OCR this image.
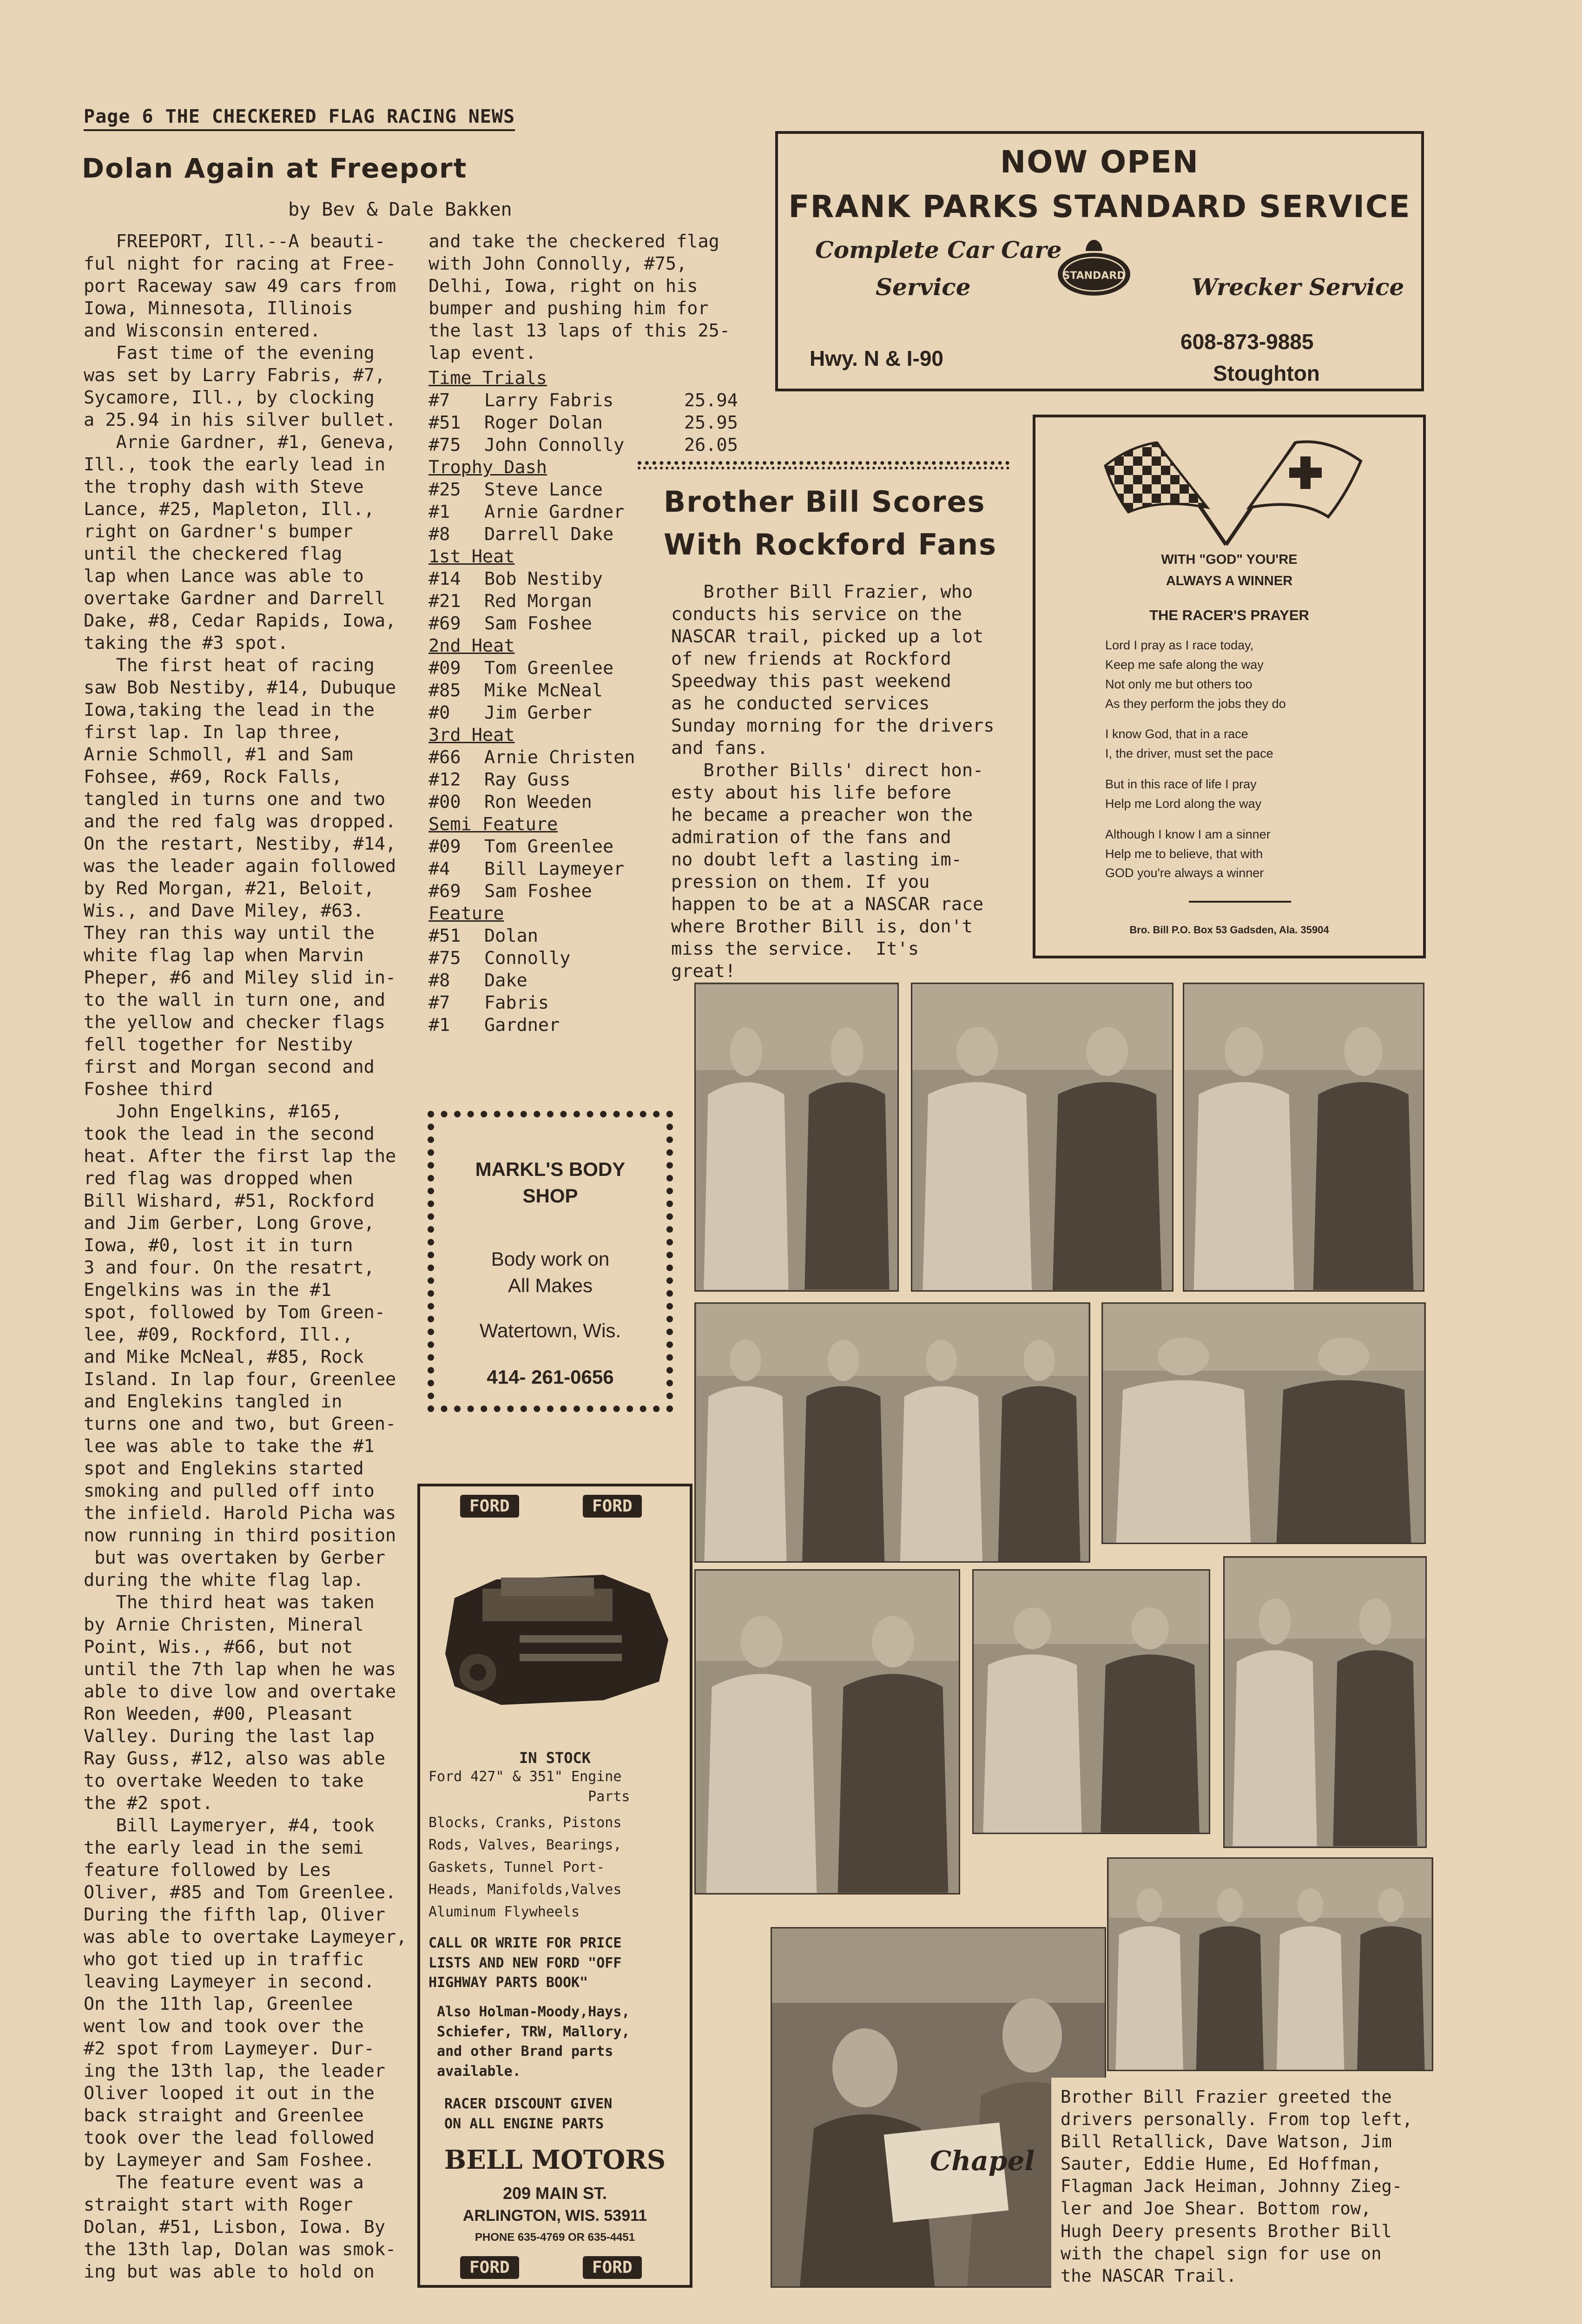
Page 6 THE CHECKERED FLAG RACING NEWS
Dolan Again at Freeport
by Bev & Dale Bakken
FREEPORT, Ill.--A beauti-
ful night for racing at Free-
port Raceway saw 49 cars from
Iowa, Minnesota, Illinois
and Wisconsin entered.
Fast time of the evening
was set by Larry Fabris, #7,
Sycamore, Ill., by clocking
a 25.94 in his silver bullet.
Arnie Gardner, #1, Geneva,
Ill., took the early lead in
the trophy dash with Steve
Lance, #25, Mapleton, Ill.,
right on Gardner's bumper
until the checkered flag
lap when Lance was able to
overtake Gardner and Darrell
Dake, #8, Cedar Rapids, Iowa,
taking the #3 spot.
The first heat of racing
saw Bob Nestiby, #14, Dubuque
Iowa,taking the lead in the
first lap. In lap three,
Arnie Schmoll, #1 and Sam
Fohsee, #69, Rock Falls,
tangled in turns one and two
and the red falg was dropped.
On the restart, Nestiby, #14,
was the leader again followed
by Red Morgan, #21, Beloit,
Wis., and Dave Miley, #63.
They ran this way until the
white flag lap when Marvin
Pheper, #6 and Miley slid in-
to the wall in turn one, and
the yellow and checker flags
fell together for Nestiby
first and Morgan second and
Foshee third
John Engelkins, #165,
took the lead in the second
heat. After the first lap the
red flag was dropped when
Bill Wishard, #51, Rockford
and Jim Gerber, Long Grove,
Iowa, #0, lost it in turn
3 and four. On the resatrt,
Engelkins was in the #1
spot, followed by Tom Green-
lee, #09, Rockford, Ill.,
and Mike McNeal, #85, Rock
Island. In lap four, Greenlee
and Englekins tangled in
turns one and two, but Green-
lee was able to take the #1
spot and Englekins started
smoking and pulled off into
the infield. Harold Picha was
now running in third position
but was overtaken by Gerber
during the white flag lap.
The third heat was taken
by Arnie Christen, Mineral
Point, Wis., #66, but not
until the 7th lap when he was
able to dive low and overtake
Ron Weeden, #00, Pleasant
Valley. During the last lap
Ray Guss, #12, also was able
to overtake Weeden to take
the #2 spot.
Bill Laymeryer, #4, took
the early lead in the semi
feature followed by Les
Oliver, #85 and Tom Greenlee.
During the fifth lap, Oliver
was able to overtake Laymeyer,
who got tied up in traffic
leaving Laymeyer in second.
On the 11th lap, Greenlee
went low and took over the
#2 spot from Laymeyer. Dur-
ing the 13th lap, the leader
Oliver looped it out in the
back straight and Greenlee
took over the lead followed
by Laymeyer and Sam Foshee.
The feature event was a
straight start with Roger
Dolan, #51, Lisbon, Iowa. By
the 13th lap, Dolan was smok-
ing but was able to hold on
and take the checkered flag
with John Connolly, #75,
Delhi, Iowa, right on his
bumper and pushing him for
the last 13 laps of this 25-
lap event.
Time Trials
#7 Larry Fabris	25.94
#51 Roger Dolan	25.95
#75 John Connolly	26.05
Trophy Dash
#25 Steve Lance
#1 Arnie Gardner
#8 Darrell Dake
1st Heat
#14 Bob Nestiby
#21 Red Morgan
#69 Sam Foshee
2nd Heat
#09 Tom Greenlee
#85 Mike McNeal
#0 Jim Gerber
3rd Heat
#66 Arnie Christen
#12 Ray Guss
#00 Ron Weeden
Semi Feature
#09 Tom Greenlee
#4 Bill Laymeyer
#69 Sam Foshee
Feature
#51 Dolan
#75 Connolly
#8 Dake
#7 Fabris
#1 Gardner
NOW OPEN
FRANK PARKS STANDARD SERVICE
Complete Car Care
Service	STANDARD	Wrecker Service
Hwy. N & I-90
608-873-9885
Stoughton
Brother Bill Scores
With Rockford Fans
Brother Bill Frazier, who
conducts his service on the
NASCAR trail, picked up a lot
of new friends at Rockford
Speedway this past weekend
as he conducted services
Sunday morning for the drivers
and fans.
Brother Bills' direct hon-
esty about his life before
he became a preacher won the
admiration of the fans and
no doubt left a lasting im-
pression on them. If you
happen to be at a NASCAR race
where Brother Bill is, don't
miss the service.  It's
great!
WITH "GOD" YOU'RE
ALWAYS A WINNER
THE RACER'S PRAYER
Lord I pray as I race today,
Keep me safe along the way
Not only me but others too
As they perform the jobs they do
I know God, that in a race
I, the driver, must set the pace
But in this race of life I pray
Help me Lord along the way
Although I know I am a sinner
Help me to believe, that with
GOD you're always a winner
Bro. Bill P.O. Box 53 Gadsden, Ala. 35904
MARKL'S BODY
SHOP
Body work on
All Makes
Watertown, Wis.
414- 261-0656
FORD	FORD
IN STOCK
Ford 427" & 351" Engine
Parts
Blocks, Cranks, Pistons
Rods, Valves, Bearings,
Gaskets, Tunnel Port-
Heads, Manifolds,Valves
Aluminum Flywheels
CALL OR WRITE FOR PRICE
LISTS AND NEW FORD "OFF
HIGHWAY PARTS BOOK"
Also Holman-Moody,Hays,
Schiefer, TRW, Mallory,
and other Brand parts
available.
RACER DISCOUNT GIVEN
ON ALL ENGINE PARTS
BELL MOTORS
209 MAIN ST.
ARLINGTON, WIS. 53911
PHONE 635-4769 OR 635-4451
FORD	FORD
Chapel
Brother Bill Frazier greeted the
drivers personally. From top left,
Bill Retallick, Dave Watson, Jim
Sauter, Eddie Hume, Ed Hoffman,
Flagman Jack Heiman, Johnny Zieg-
ler and Joe Shear. Bottom row,
Hugh Deery presents Brother Bill
with the chapel sign for use on
the NASCAR Trail.
